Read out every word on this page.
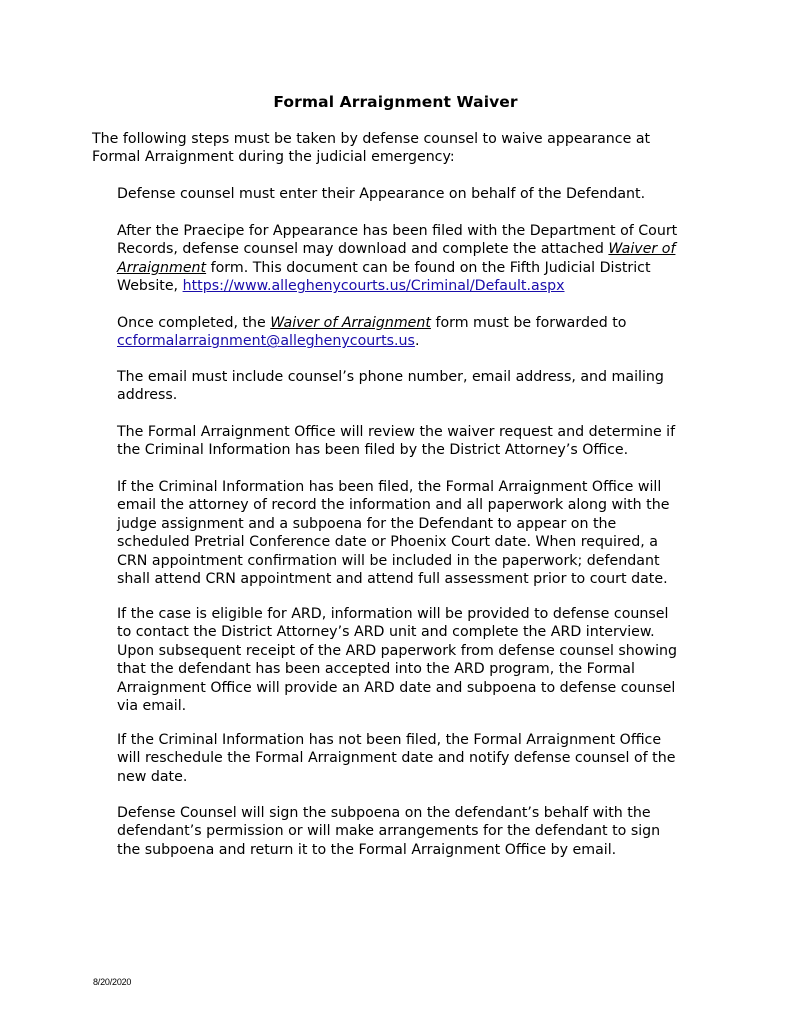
Formal Arraignment Waiver

The following steps must be taken by defense counsel to waive appearance at
Formal Arraignment during the judicial emergency:

Defense counsel must enter their Appearance on behalf of the Defendant.

After the Praecipe for Appearance has been filed with the Department of Court
Records, defense counsel may download and complete the attached Waiver of
Arraignment form. This document can be found on the Fifth Judicial District
Website, https://www.alleghenycourts.us/Criminal/Default.aspx

Once completed, the Waiver of Arraignment form must be forwarded to
ccformalarraignment@alleghenycourts.us.

The email must include counsel’s phone number, email address, and mailing
address.

The Formal Arraignment Office will review the waiver request and determine if
the Criminal Information has been filed by the District Attorney’s Office.

If the Criminal Information has been filed, the Formal Arraignment Office will
email the attorney of record the information and all paperwork along with the
judge assignment and a subpoena for the Defendant to appear on the
scheduled Pretrial Conference date or Phoenix Court date. When required, a
CRN appointment confirmation will be included in the paperwork; defendant
shall attend CRN appointment and attend full assessment prior to court date.

If the case is eligible for ARD, information will be provided to defense counsel
to contact the District Attorney’s ARD unit and complete the ARD interview.
Upon subsequent receipt of the ARD paperwork from defense counsel showing
that the defendant has been accepted into the ARD program, the Formal
Arraignment Office will provide an ARD date and subpoena to defense counsel
via email.

If the Criminal Information has not been filed, the Formal Arraignment Office
will reschedule the Formal Arraignment date and notify defense counsel of the
new date.

Defense Counsel will sign the subpoena on the defendant’s behalf with the
defendant’s permission or will make arrangements for the defendant to sign
the subpoena and return it to the Formal Arraignment Office by email.

8/20/2020
